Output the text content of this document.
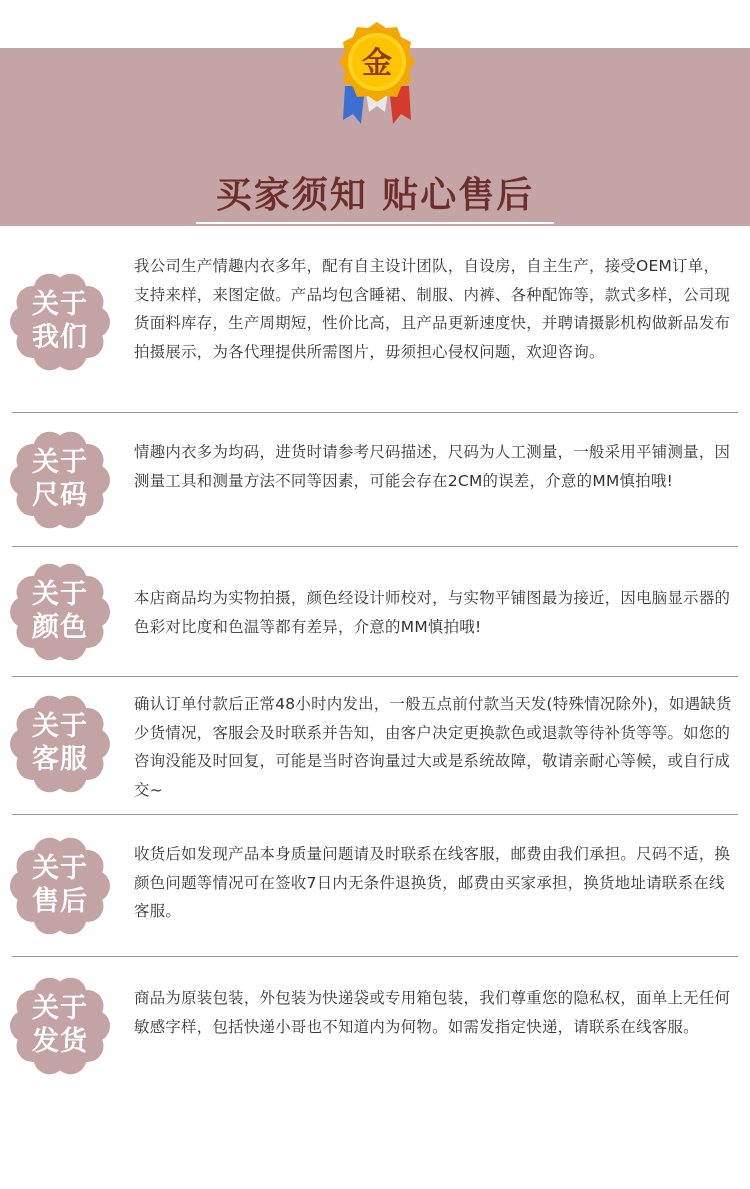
买家须知 贴心售后
多年生产经验 对细节把控严谨 做工细致
金
关于
我们
我公司生产情趣内衣多年，配有自主设计团队，自设房，自主生产，接受OEM订单，支持来样，来图定做。产品均包含睡裙、制服、内裤、各种配饰等，款式多样，公司现货面料库存，生产周期短，性价比高，且产品更新速度快，并聘请摄影机构做新品发布拍摄展示，为各代理提供所需图片，毋须担心侵权问题，欢迎咨询。
关于
尺码
情趣内衣多为均码，进货时请参考尺码描述，尺码为人工测量，一般采用平铺测量，因测量工具和测量方法不同等因素，可能会存在2CM的误差，介意的MM慎拍哦!
关于
颜色
本店商品均为实物拍摄，颜色经设计师校对，与实物平铺图最为接近，因电脑显示器的色彩对比度和色温等都有差异，介意的MM慎拍哦!
关于
客服
确认订单付款后正常48小时内发出，一般五点前付款当天发(特殊情况除外)，如遇缺货少货情况，客服会及时联系并告知，由客户决定更换款色或退款等待补货等等。如您的咨询没能及时回复，可能是当时咨询量过大或是系统故障，敬请亲耐心等候，或自行成交~
关于
售后
收货后如发现产品本身质量问题请及时联系在线客服，邮费由我们承担。尺码不适，换颜色问题等情况可在签收7日内无条件退换货，邮费由买家承担，换货地址请联系在线客服。
关于
发货
商品为原装包装，外包装为快递袋或专用箱包装，我们尊重您的隐私权，面单上无任何敏感字样，包括快递小哥也不知道内为何物。如需发指定快递，请联系在线客服。
